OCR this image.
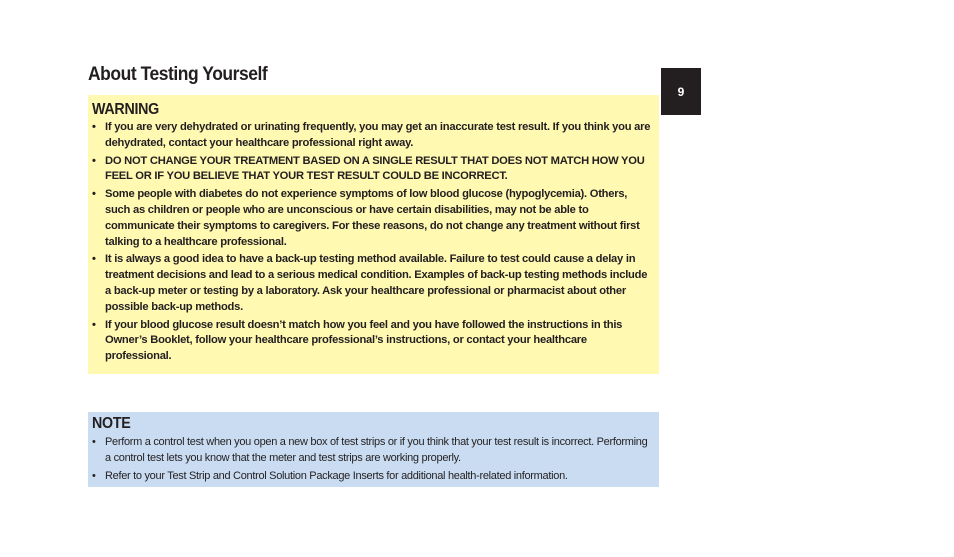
About Testing Yourself
9
WARNING
• If you are very dehydrated or urinating frequently, you may get an inaccurate test result. If you think you are dehydrated, contact your healthcare professional right away.
• DO NOT CHANGE YOUR TREATMENT BASED ON A SINGLE RESULT THAT DOES NOT MATCH HOW YOU FEEL OR IF YOU BELIEVE THAT YOUR TEST RESULT COULD BE INCORRECT.
• Some people with diabetes do not experience symptoms of low blood glucose (hypoglycemia). Others, such as children or people who are unconscious or have certain disabilities, may not be able to communicate their symptoms to caregivers. For these reasons, do not change any treatment without first talking to a healthcare professional.
• It is always a good idea to have a back-up testing method available. Failure to test could cause a delay in treatment decisions and lead to a serious medical condition. Examples of back-up testing methods include a back-up meter or testing by a laboratory. Ask your healthcare professional or pharmacist about other possible back-up methods.
• If your blood glucose result doesn’t match how you feel and you have followed the instructions in this Owner’s Booklet, follow your healthcare professional’s instructions, or contact your healthcare professional.
NOTE
• Perform a control test when you open a new box of test strips or if you think that your test result is incorrect. Performing a control test lets you know that the meter and test strips are working properly.
• Refer to your Test Strip and Control Solution Package Inserts for additional health-related information.
